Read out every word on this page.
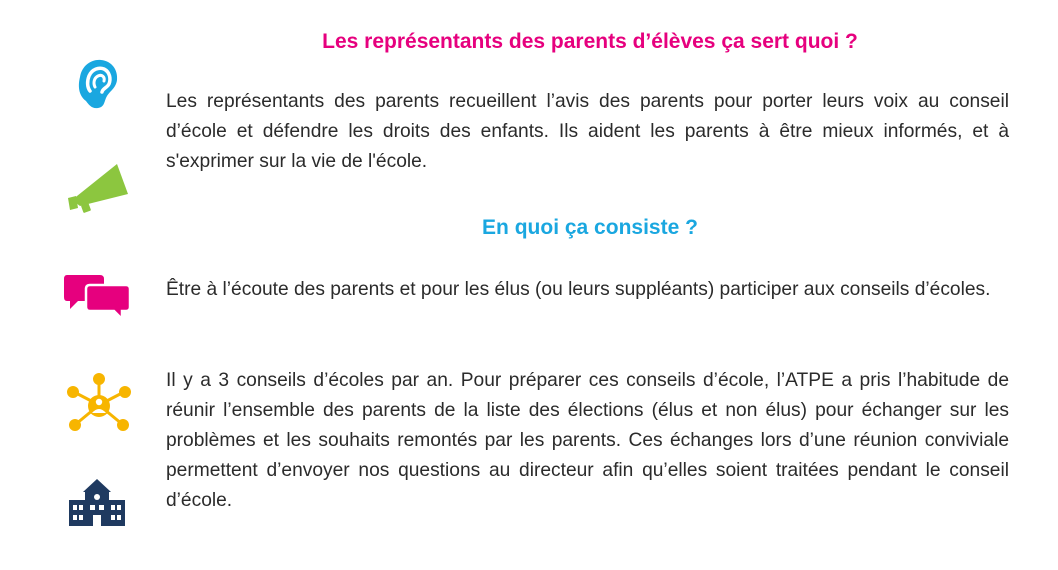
Les représentants des parents d’élèves ça sert quoi ?

Les représentants des parents recueillent l’avis des parents pour porter leurs voix au conseil d’école et défendre les droits des enfants. Ils aident les parents à être mieux informés, et à s'exprimer sur la vie de l'école.

En quoi ça consiste ?

Être à l’écoute des parents et pour les élus (ou leurs suppléants) participer aux conseils d’écoles.

Il y a 3 conseils d’écoles par an. Pour préparer ces conseils d’école, l’ATPE a pris l’habitude de réunir l’ensemble des parents de la liste des élections (élus et non élus) pour échanger sur les problèmes et les souhaits remontés par les parents. Ces échanges lors d’une réunion conviviale permettent d’envoyer nos questions au directeur afin qu’elles soient traitées pendant le conseil d’école.
